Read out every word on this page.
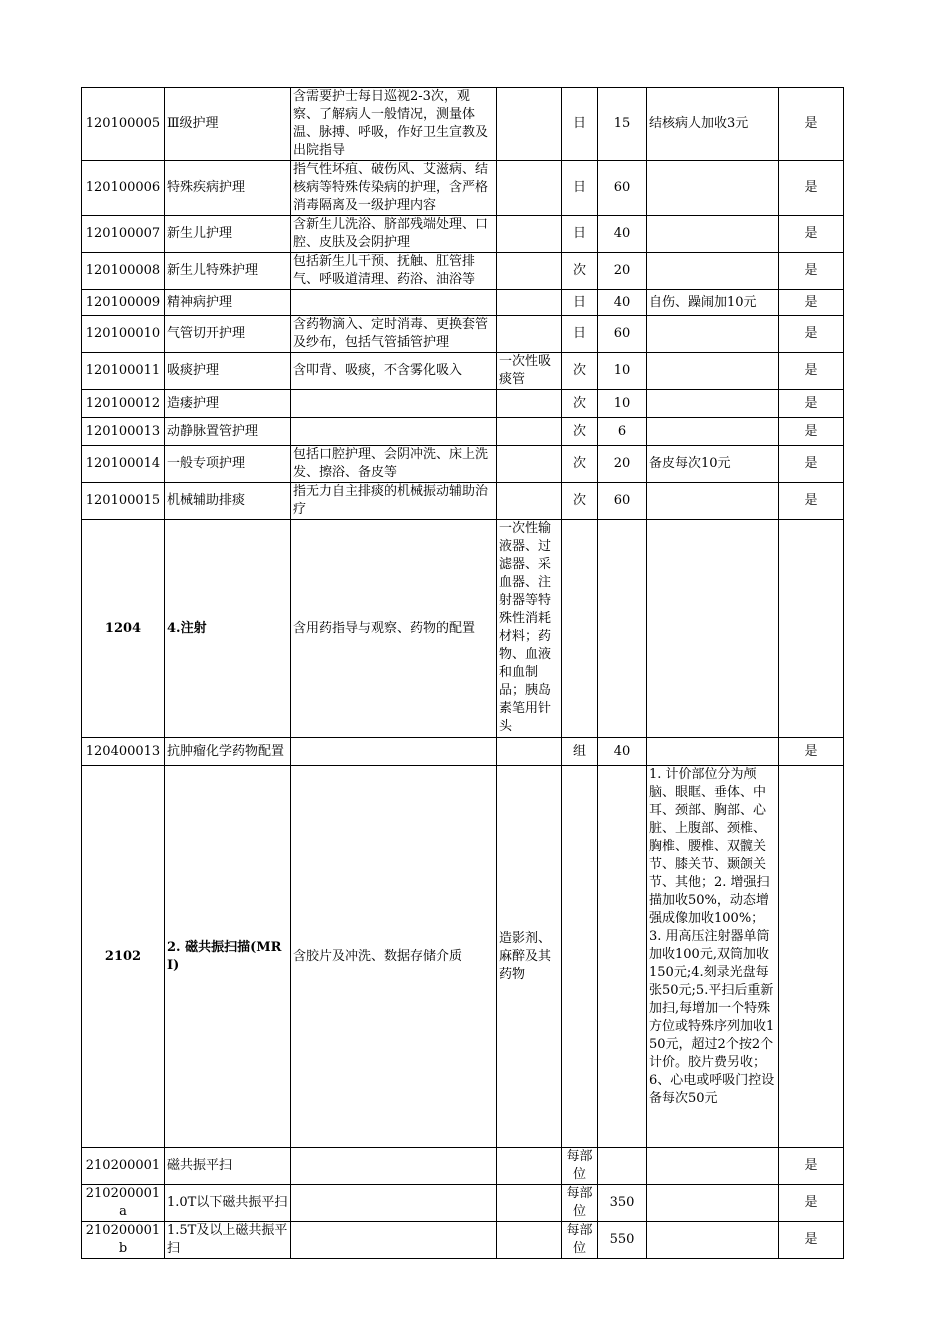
120100005	Ⅲ级护理	含需要护士每日巡视2-3次，观察、了解病人一般情况，测量体温、脉搏、呼吸，作好卫生宣教及出院指导		日	15	结核病人加收3元	是
120100006	特殊疾病护理	指气性坏疽、破伤风、艾滋病、结核病等特殊传染病的护理，含严格消毒隔离及一级护理内容		日	60		是
120100007	新生儿护理	含新生儿洗浴、脐部残端处理、口腔、皮肤及会阴护理		日	40		是
120100008	新生儿特殊护理	包括新生儿干预、抚触、肛管排气、呼吸道清理、药浴、油浴等		次	20		是
120100009	精神病护理			日	40	自伤、躁闹加10元	是
120100010	气管切开护理	含药物滴入、定时消毒、更换套管及纱布，包括气管插管护理		日	60		是
120100011	吸痰护理	含叩背、吸痰，不含雾化吸入	一次性吸痰管	次	10		是
120100012	造瘘护理			次	10		是
120100013	动静脉置管护理			次	6		是
120100014	一般专项护理	包括口腔护理、会阴冲洗、床上洗发、擦浴、备皮等		次	20	备皮每次10元	是
120100015	机械辅助排痰	指无力自主排痰的机械振动辅助治疗		次	60		是
1204	4.注射	含用药指导与观察、药物的配置	一次性输液器、过滤器、采血器、注射器等特殊性消耗材料；药物、血液和血制品；胰岛素笔用针头				
120400013	抗肿瘤化学药物配置			组	40		是
2102	2. 磁共振扫描(MRI)	含胶片及冲洗、数据存储介质	造影剂、麻醉及其药物			1. 计价部位分为颅脑、眼眶、垂体、中耳、颈部、胸部、心脏、上腹部、颈椎、胸椎、腰椎、双髋关节、膝关节、颞颌关节、其他；2. 增强扫描加收50%，动态增强成像加收100%；3. 用高压注射器单筒加收100元,双筒加收150元;4.刻录光盘每张50元;5.平扫后重新加扫,每增加一个特殊方位或特殊序列加收150元，超过2个按2个计价。胶片费另收；6、心电或呼吸门控设备每次50元	
210200001	磁共振平扫			每部位			是
210200001a	1.0T以下磁共振平扫			每部位	350		是
210200001b	1.5T及以上磁共振平扫			每部位	550		是
